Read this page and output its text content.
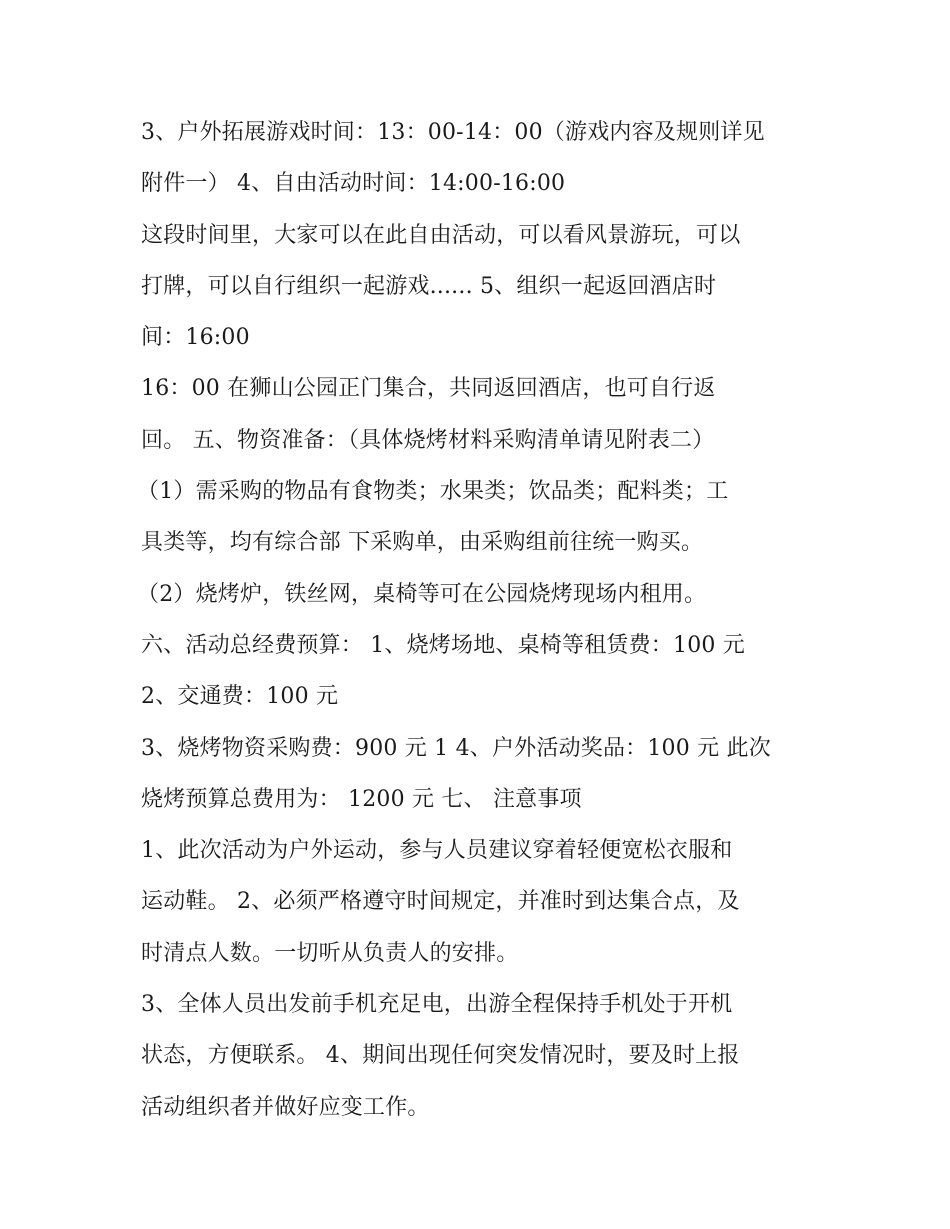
3、户外拓展游戏时间：13：00-14：00（游戏内容及规则详见
附件一） 4、自由活动时间：14:00-16:00
这段时间里，大家可以在此自由活动，可以看风景游玩，可以
打牌，可以自行组织一起游戏...... 5、组织一起返回酒店时
间：16:00
16：00 在狮山公园正门集合，共同返回酒店，也可自行返
回。 五、物资准备：（具体烧烤材料采购清单请见附表二）
（1）需采购的物品有食物类；水果类；饮品类；配料类；工
具类等，均有综合部 下采购单，由采购组前往统一购买。
（2）烧烤炉，铁丝网，桌椅等可在公园烧烤现场内租用。
六、活动总经费预算： 1、烧烤场地、桌椅等租赁费：100 元
2、交通费：100 元
3、烧烤物资采购费：900 元 1 4、户外活动奖品：100 元 此次
烧烤预算总费用为： 1200 元 七、 注意事项
1、此次活动为户外运动，参与人员建议穿着轻便宽松衣服和
运动鞋。 2、必须严格遵守时间规定，并准时到达集合点，及
时清点人数。一切听从负责人的安排。
3、全体人员出发前手机充足电，出游全程保持手机处于开机
状态，方便联系。 4、期间出现任何突发情况时，要及时上报
活动组织者并做好应变工作。
